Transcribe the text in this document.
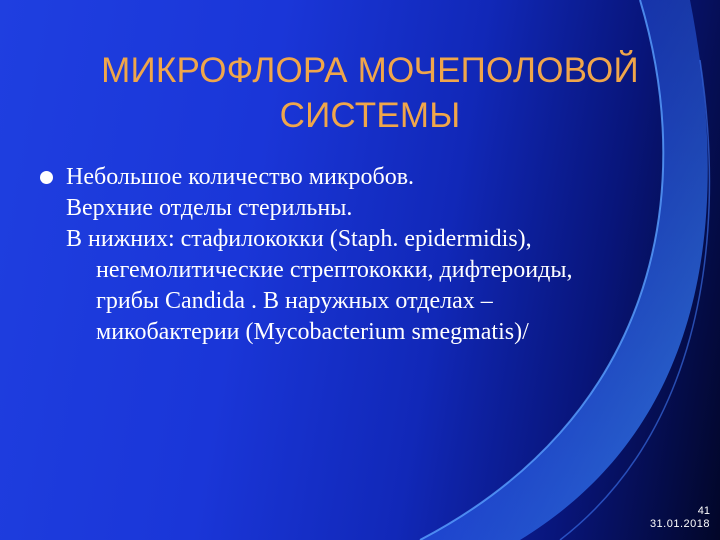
МИКРОФЛОРА МОЧЕПОЛОВОЙ
СИСТЕМЫ

Небольшое количество микробов.

Верхние отделы стерильны.

В нижних: стафилококки (Staph. epidermidis), негемолитические стрептококки, дифтероиды, грибы Candida . В наружных отделах – микобактерии (Mycobacterium smegmatis)/

41
31.01.2018
